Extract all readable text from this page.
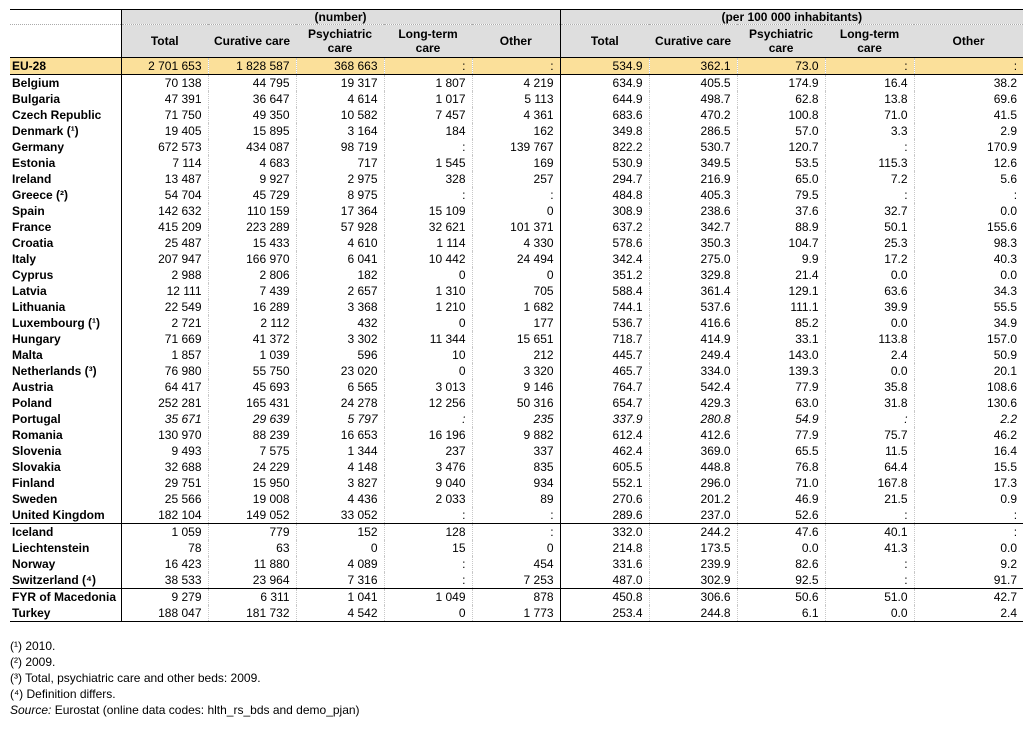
	(number)					(per 100 000 inhabitants)				
	Total	Curative care	Psychiatric care	Long-term care	Other	Total	Curative care	Psychiatric care	Long-term care	Other
EU-28	2 701 653	1 828 587	368 663	:	:	534.9	362.1	73.0	:	:
Belgium	70 138	44 795	19 317	1 807	4 219	634.9	405.5	174.9	16.4	38.2
Bulgaria	47 391	36 647	4 614	1 017	5 113	644.9	498.7	62.8	13.8	69.6
Czech Republic	71 750	49 350	10 582	7 457	4 361	683.6	470.2	100.8	71.0	41.5
Denmark (¹)	19 405	15 895	3 164	184	162	349.8	286.5	57.0	3.3	2.9
Germany	672 573	434 087	98 719	:	139 767	822.2	530.7	120.7	:	170.9
Estonia	7 114	4 683	717	1 545	169	530.9	349.5	53.5	115.3	12.6
Ireland	13 487	9 927	2 975	328	257	294.7	216.9	65.0	7.2	5.6
Greece (²)	54 704	45 729	8 975	:	:	484.8	405.3	79.5	:	:
Spain	142 632	110 159	17 364	15 109	0	308.9	238.6	37.6	32.7	0.0
France	415 209	223 289	57 928	32 621	101 371	637.2	342.7	88.9	50.1	155.6
Croatia	25 487	15 433	4 610	1 114	4 330	578.6	350.3	104.7	25.3	98.3
Italy	207 947	166 970	6 041	10 442	24 494	342.4	275.0	9.9	17.2	40.3
Cyprus	2 988	2 806	182	0	0	351.2	329.8	21.4	0.0	0.0
Latvia	12 111	7 439	2 657	1 310	705	588.4	361.4	129.1	63.6	34.3
Lithuania	22 549	16 289	3 368	1 210	1 682	744.1	537.6	111.1	39.9	55.5
Luxembourg (¹)	2 721	2 112	432	0	177	536.7	416.6	85.2	0.0	34.9
Hungary	71 669	41 372	3 302	11 344	15 651	718.7	414.9	33.1	113.8	157.0
Malta	1 857	1 039	596	10	212	445.7	249.4	143.0	2.4	50.9
Netherlands (³)	76 980	55 750	23 020	0	3 320	465.7	334.0	139.3	0.0	20.1
Austria	64 417	45 693	6 565	3 013	9 146	764.7	542.4	77.9	35.8	108.6
Poland	252 281	165 431	24 278	12 256	50 316	654.7	429.3	63.0	31.8	130.6
Portugal	35 671	29 639	5 797	:	235	337.9	280.8	54.9	:	2.2
Romania	130 970	88 239	16 653	16 196	9 882	612.4	412.6	77.9	75.7	46.2
Slovenia	9 493	7 575	1 344	237	337	462.4	369.0	65.5	11.5	16.4
Slovakia	32 688	24 229	4 148	3 476	835	605.5	448.8	76.8	64.4	15.5
Finland	29 751	15 950	3 827	9 040	934	552.1	296.0	71.0	167.8	17.3
Sweden	25 566	19 008	4 436	2 033	89	270.6	201.2	46.9	21.5	0.9
United Kingdom	182 104	149 052	33 052	:	:	289.6	237.0	52.6	:	:
Iceland	1 059	779	152	128	:	332.0	244.2	47.6	40.1	:
Liechtenstein	78	63	0	15	0	214.8	173.5	0.0	41.3	0.0
Norway	16 423	11 880	4 089	:	454	331.6	239.9	82.6	:	9.2
Switzerland (⁴)	38 533	23 964	7 316	:	7 253	487.0	302.9	92.5	:	91.7
FYR of Macedonia	9 279	6 311	1 041	1 049	878	450.8	306.6	50.6	51.0	42.7
Turkey	188 047	181 732	4 542	0	1 773	253.4	244.8	6.1	0.0	2.4
(¹) 2010.
(²) 2009.
(³) Total, psychiatric care and other beds: 2009.
(⁴) Definition differs.
Source: Eurostat (online data codes: hlth_rs_bds and demo_pjan)
